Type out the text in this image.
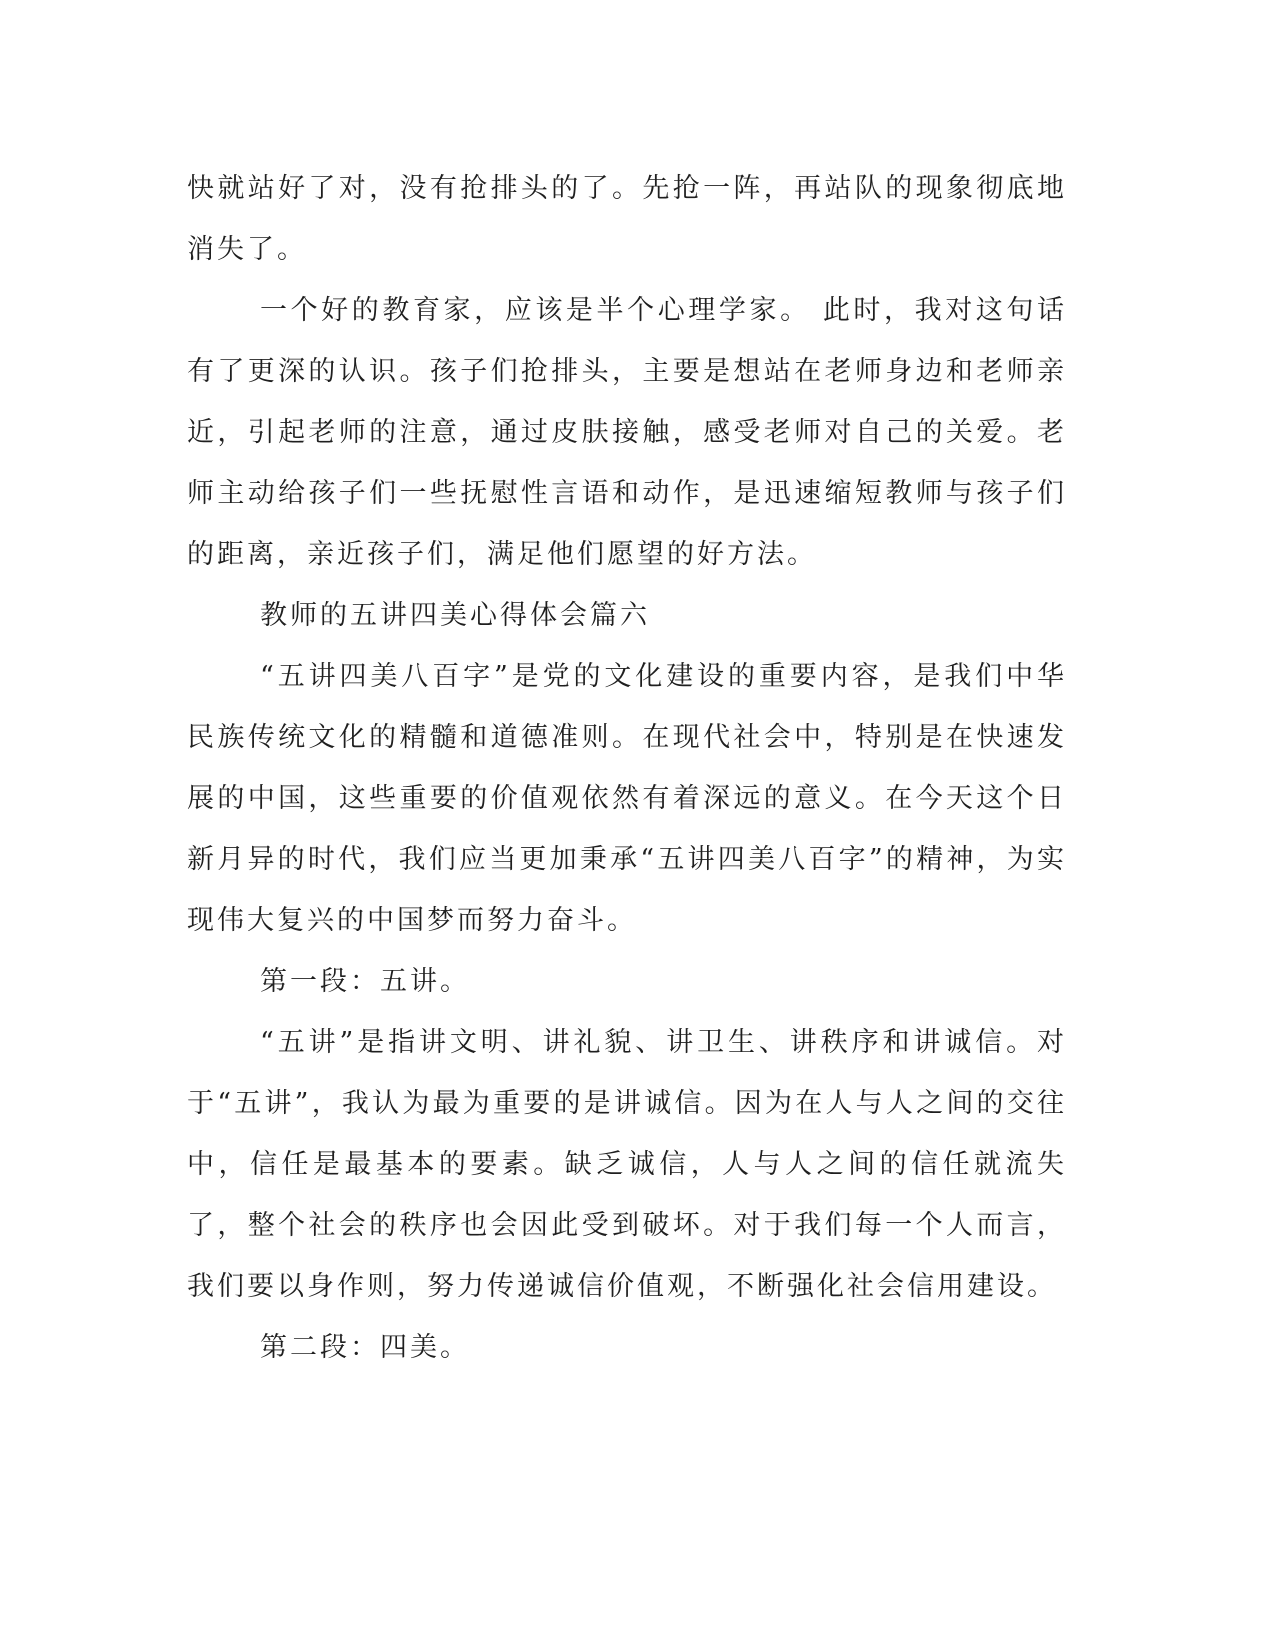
快就站好了对，没有抢排头的了。先抢一阵，再站队的现象彻底地消失了。

一个好的教育家，应该是半个心理学家。 此时，我对这句话有了更深的认识。孩子们抢排头，主要是想站在老师身边和老师亲近，引起老师的注意，通过皮肤接触，感受老师对自己的关爱。老师主动给孩子们一些抚慰性言语和动作，是迅速缩短教师与孩子们的距离，亲近孩子们，满足他们愿望的好方法。

教师的五讲四美心得体会篇六

“五讲四美八百字”是党的文化建设的重要内容，是我们中华民族传统文化的精髓和道德准则。在现代社会中，特别是在快速发展的中国，这些重要的价值观依然有着深远的意义。在今天这个日新月异的时代，我们应当更加秉承“五讲四美八百字”的精神，为实现伟大复兴的中国梦而努力奋斗。

第一段：五讲。

“五讲”是指讲文明、讲礼貌、讲卫生、讲秩序和讲诚信。对于“五讲”，我认为最为重要的是讲诚信。因为在人与人之间的交往中，信任是最基本的要素。缺乏诚信，人与人之间的信任就流失了，整个社会的秩序也会因此受到破坏。对于我们每一个人而言，我们要以身作则，努力传递诚信价值观，不断强化社会信用建设。

第二段：四美。
